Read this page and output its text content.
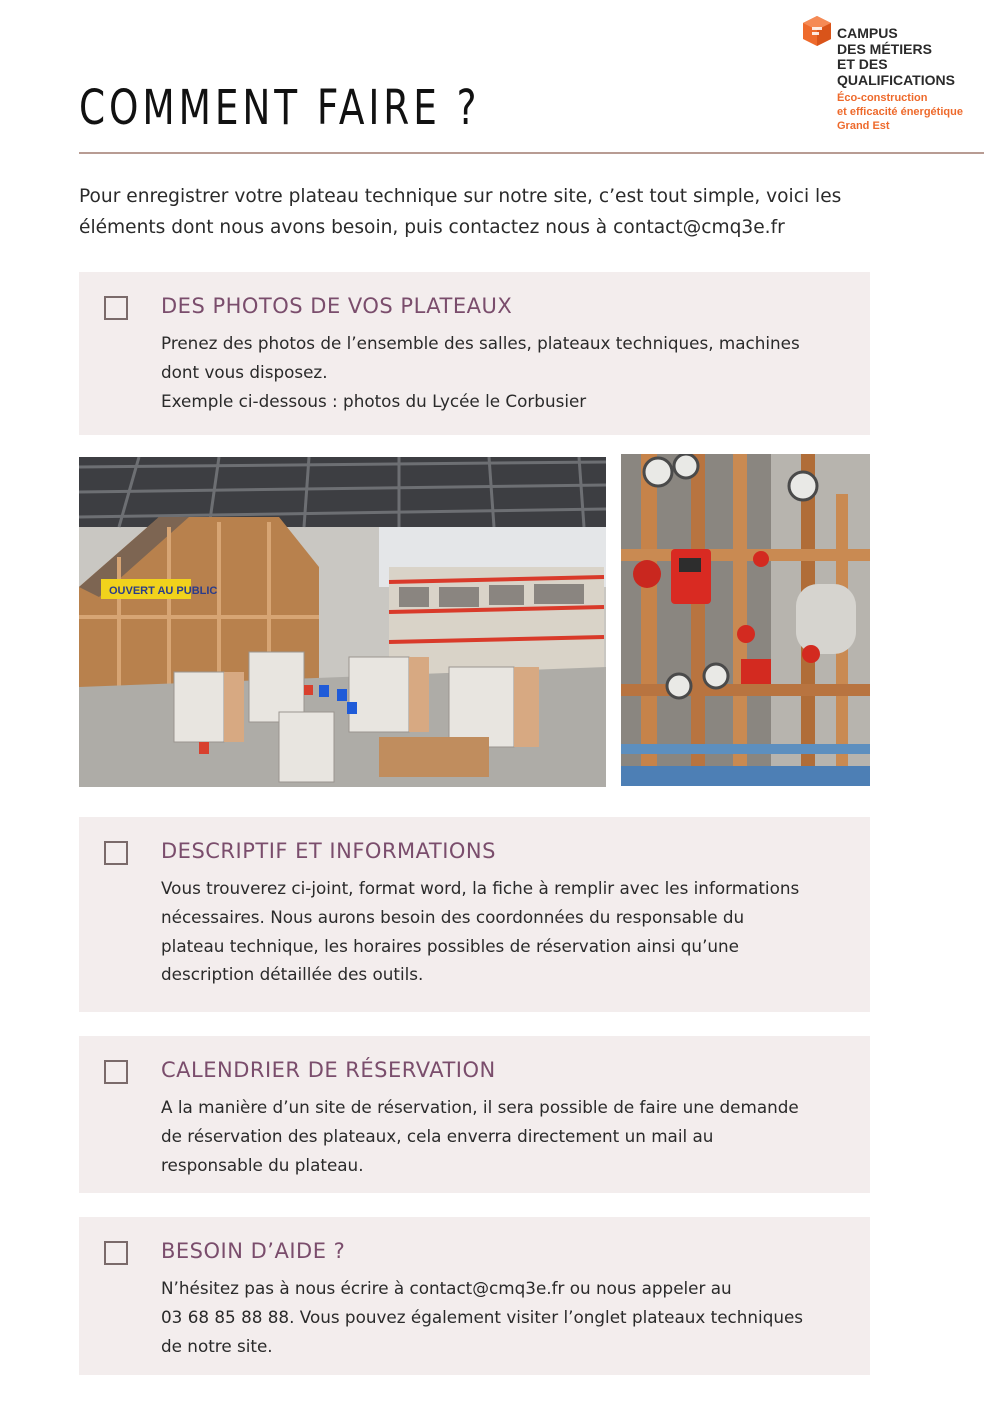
COMMENT FAIRE ?
CAMPUS
DES MÉTIERS
ET DES
QUALIFICATIONS
Éco-construction
et efficacité énergétique
Grand Est

Pour enregistrer votre plateau technique sur notre site, c’est tout simple, voici les
éléments dont nous avons besoin, puis contactez nous à contact@cmq3e.fr

DES PHOTOS DE VOS PLATEAUX

Prenez des photos de l’ensemble des salles, plateaux techniques, machines
dont vous disposez.
Exemple ci-dessous : photos du Lycée le Corbusier

OUVERT AU PUBLIC
DESCRIPTIF ET INFORMATIONS

Vous trouverez ci-joint, format word, la fiche à remplir avec les informations
nécessaires. Nous aurons besoin des coordonnées du responsable du
plateau technique, les horaires possibles de réservation ainsi qu’une
description détaillée des outils.

CALENDRIER DE RÉSERVATION

A la manière d’un site de réservation, il sera possible de faire une demande
de réservation des plateaux, cela enverra directement un mail au
responsable du plateau.

BESOIN D’AIDE ?

N’hésitez pas à nous écrire à contact@cmq3e.fr ou nous appeler au
03 68 85 88 88. Vous pouvez également visiter l’onglet plateaux techniques
de notre site.
